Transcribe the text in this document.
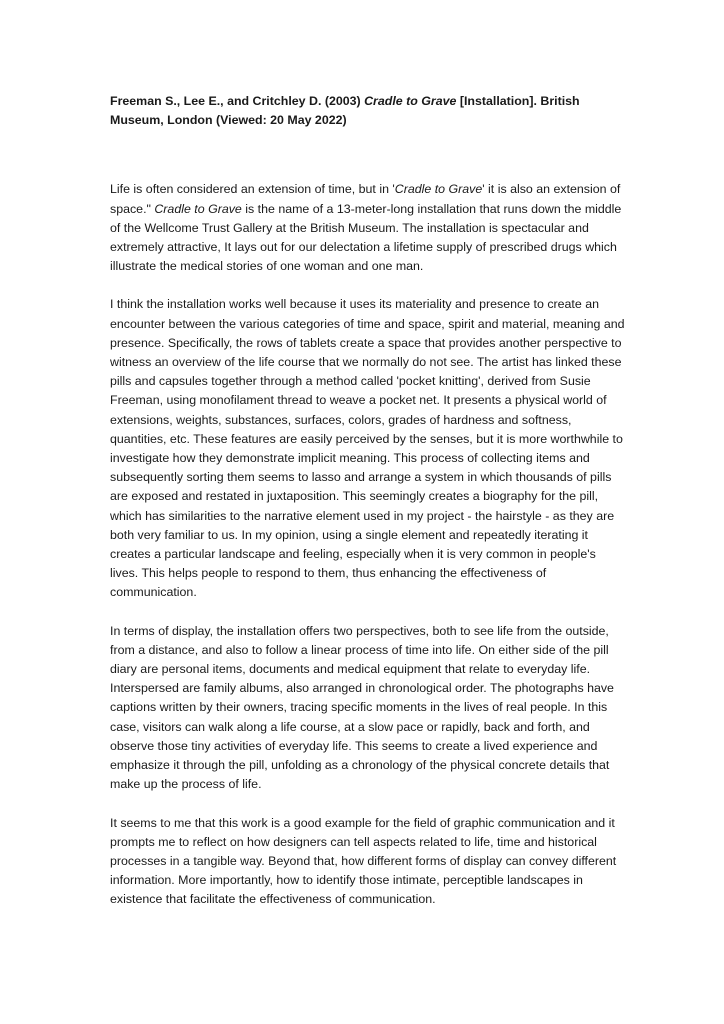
Freeman S., Lee E., and Critchley D. (2003) Cradle to Grave [Installation]. British Museum, London (Viewed: 20 May 2022)

Life is often considered an extension of time, but in 'Cradle to Grave' it is also an extension of space." Cradle to Grave is the name of a 13-meter-long installation that runs down the middle of the Wellcome Trust Gallery at the British Museum. The installation is spectacular and extremely attractive, It lays out for our delectation a lifetime supply of prescribed drugs which illustrate the medical stories of one woman and one man.

I think the installation works well because it uses its materiality and presence to create an encounter between the various categories of time and space, spirit and material, meaning and presence. Specifically, the rows of tablets create a space that provides another perspective to witness an overview of the life course that we normally do not see. The artist has linked these pills and capsules together through a method called 'pocket knitting', derived from Susie Freeman, using monofilament thread to weave a pocket net. It presents a physical world of extensions, weights, substances, surfaces, colors, grades of hardness and softness, quantities, etc. These features are easily perceived by the senses, but it is more worthwhile to investigate how they demonstrate implicit meaning. This process of collecting items and subsequently sorting them seems to lasso and arrange a system in which thousands of pills are exposed and restated in juxtaposition. This seemingly creates a biography for the pill, which has similarities to the narrative element used in my project - the hairstyle - as they are both very familiar to us. In my opinion, using a single element and repeatedly iterating it creates a particular landscape and feeling, especially when it is very common in people's lives. This helps people to respond to them, thus enhancing the effectiveness of communication.

In terms of display, the installation offers two perspectives, both to see life from the outside, from a distance, and also to follow a linear process of time into life. On either side of the pill diary are personal items, documents and medical equipment that relate to everyday life. Interspersed are family albums, also arranged in chronological order. The photographs have captions written by their owners, tracing specific moments in the lives of real people. In this case, visitors can walk along a life course, at a slow pace or rapidly, back and forth, and observe those tiny activities of everyday life. This seems to create a lived experience and emphasize it through the pill, unfolding as a chronology of the physical concrete details that make up the process of life.

It seems to me that this work is a good example for the field of graphic communication and it prompts me to reflect on how designers can tell aspects related to life, time and historical processes in a tangible way. Beyond that, how different forms of display can convey different information. More importantly, how to identify those intimate, perceptible landscapes in existence that facilitate the effectiveness of communication.
